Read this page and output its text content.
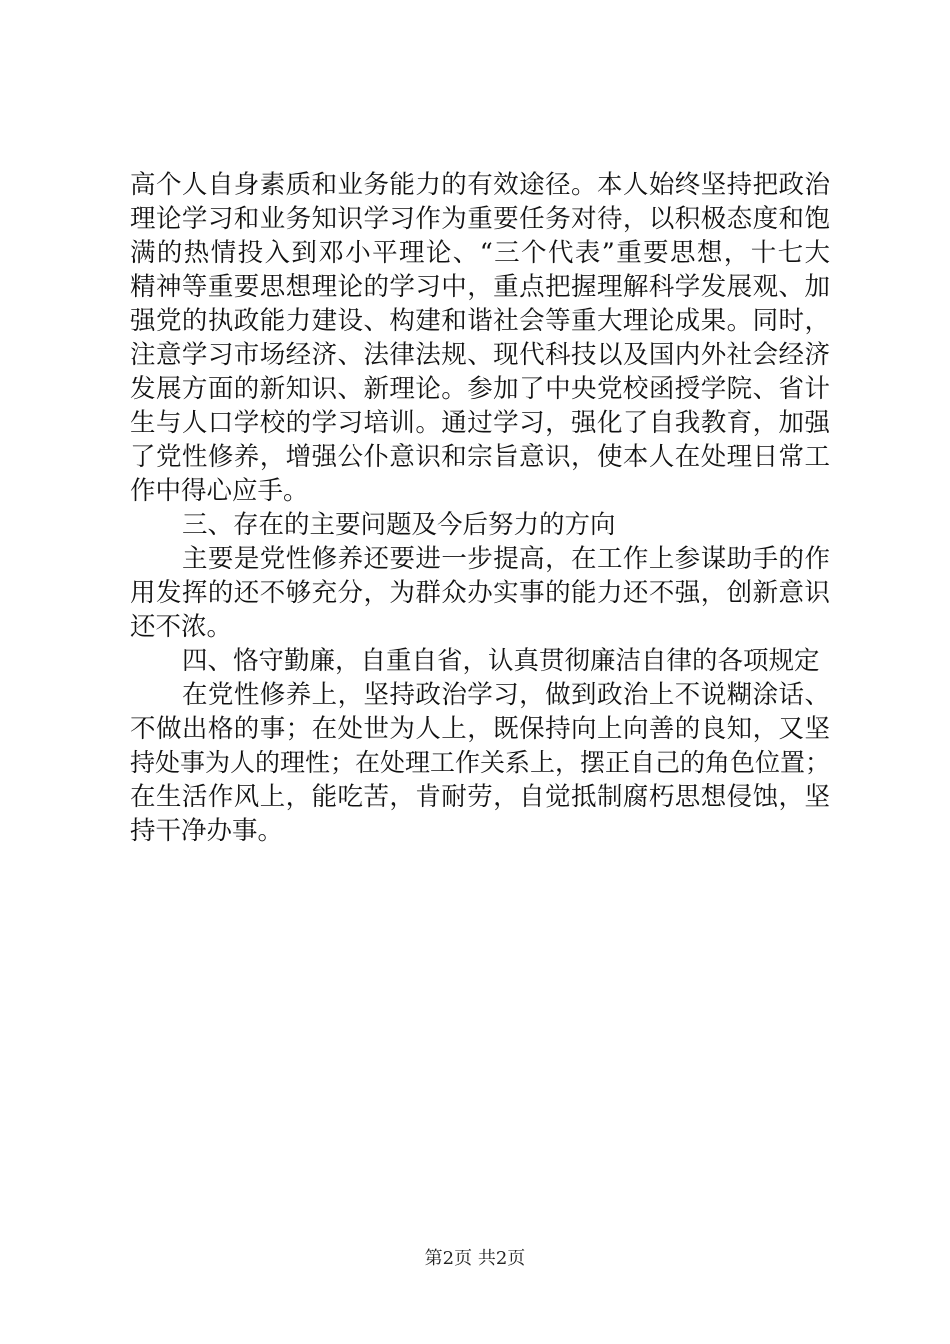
高个人自身素质和业务能力的有效途径。本人始终坚持把政治
理论学习和业务知识学习作为重要任务对待，以积极态度和饱
满的热情投入到邓小平理论、“三个代表”重要思想，十七大
精神等重要思想理论的学习中，重点把握理解科学发展观、加
强党的执政能力建设、构建和谐社会等重大理论成果。同时，
注意学习市场经济、法律法规、现代科技以及国内外社会经济
发展方面的新知识、新理论。参加了中央党校函授学院、省计
生与人口学校的学习培训。通过学习，强化了自我教育，加强
了党性修养，增强公仆意识和宗旨意识，使本人在处理日常工
作中得心应手。
三、存在的主要问题及今后努力的方向
主要是党性修养还要进一步提高，在工作上参谋助手的作
用发挥的还不够充分，为群众办实事的能力还不强，创新意识
还不浓。
四、恪守勤廉，自重自省，认真贯彻廉洁自律的各项规定
在党性修养上，坚持政治学习，做到政治上不说糊涂话、
不做出格的事；在处世为人上，既保持向上向善的良知，又坚
持处事为人的理性；在处理工作关系上，摆正自己的角色位置；
在生活作风上，能吃苦，肯耐劳，自觉抵制腐朽思想侵蚀，坚
持干净办事。
第2页 共2页
